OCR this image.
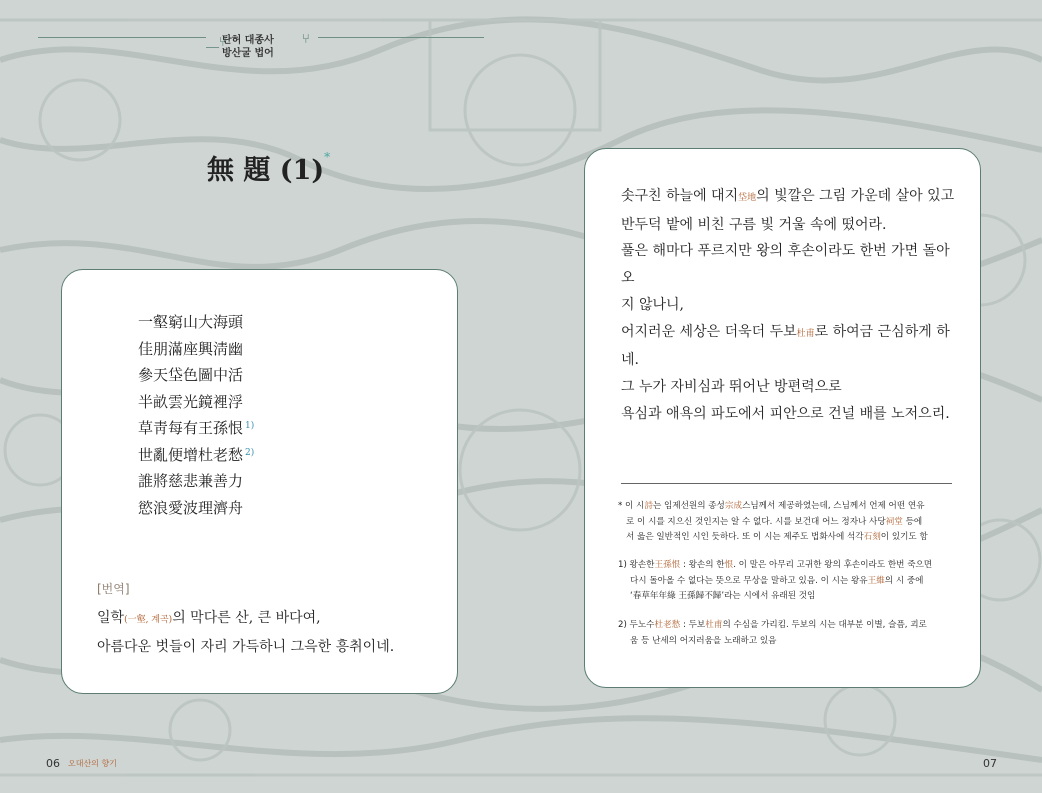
⸏⑂
탄허 대종사
방산굴 법어
⑂
無 題 (1)*
一壑窮山大海頭
佳朋滿座興淸幽
參天垈色圖中活
半畝雲光鏡裡浮
草靑每有王孫恨 $^{1)}$
世亂便增杜老愁 $^{2)}$
誰將慈悲兼善力
慾浪愛波理濟舟
[번역]
일학(一壑, 계곡)의 막다른 산, 큰 바다여,
아름다운 벗들이 자리 가득하니 그윽한 흥취이네.
솟구친 하늘에 대지垈地의 빛깔은 그림 가운데 살아 있고
반두덕 밭에 비친 구름 빛 거울 속에 떴어라.
풀은 해마다 푸르지만 왕의 후손이라도 한번 가면 돌아오
지 않나니,
어지러운 세상은 더욱더 두보杜甫로 하여금 근심하게 하네.
그 누가 자비심과 뛰어난 방편력으로
욕심과 애욕의 파도에서 피안으로 건널 배를 노저으리.
* 이 시詩는 임제선원의 종성宗成스님께서 제공하였는데, 스님께서 언제 어떤 연유
로 이 시를 지으신 것인지는 알 수 없다. 시를 보건대 어느 정자나 사당祠堂 등에
서 읊은 일반적인 시인 듯하다. 또 이 시는 제주도 법화사에 석각石刻이 있기도 함
1) 왕손한王孫恨 : 왕손의 한恨. 이 말은 아무리 고귀한 왕의 후손이라도 한번 죽으면
다시 돌아올 수 없다는 뜻으로 무상을 말하고 있음. 이 시는 왕유王維의 시 중에
‘春草年年綠 王孫歸不歸’라는 시에서 유래된 것임
2) 두노수杜老愁 : 두보杜甫의 수심을 가리킴. 두보의 시는 대부분 이별, 슬픔, 괴로
움 등 난세의 어지러움을 노래하고 있음
06 오대산의 향기	07
